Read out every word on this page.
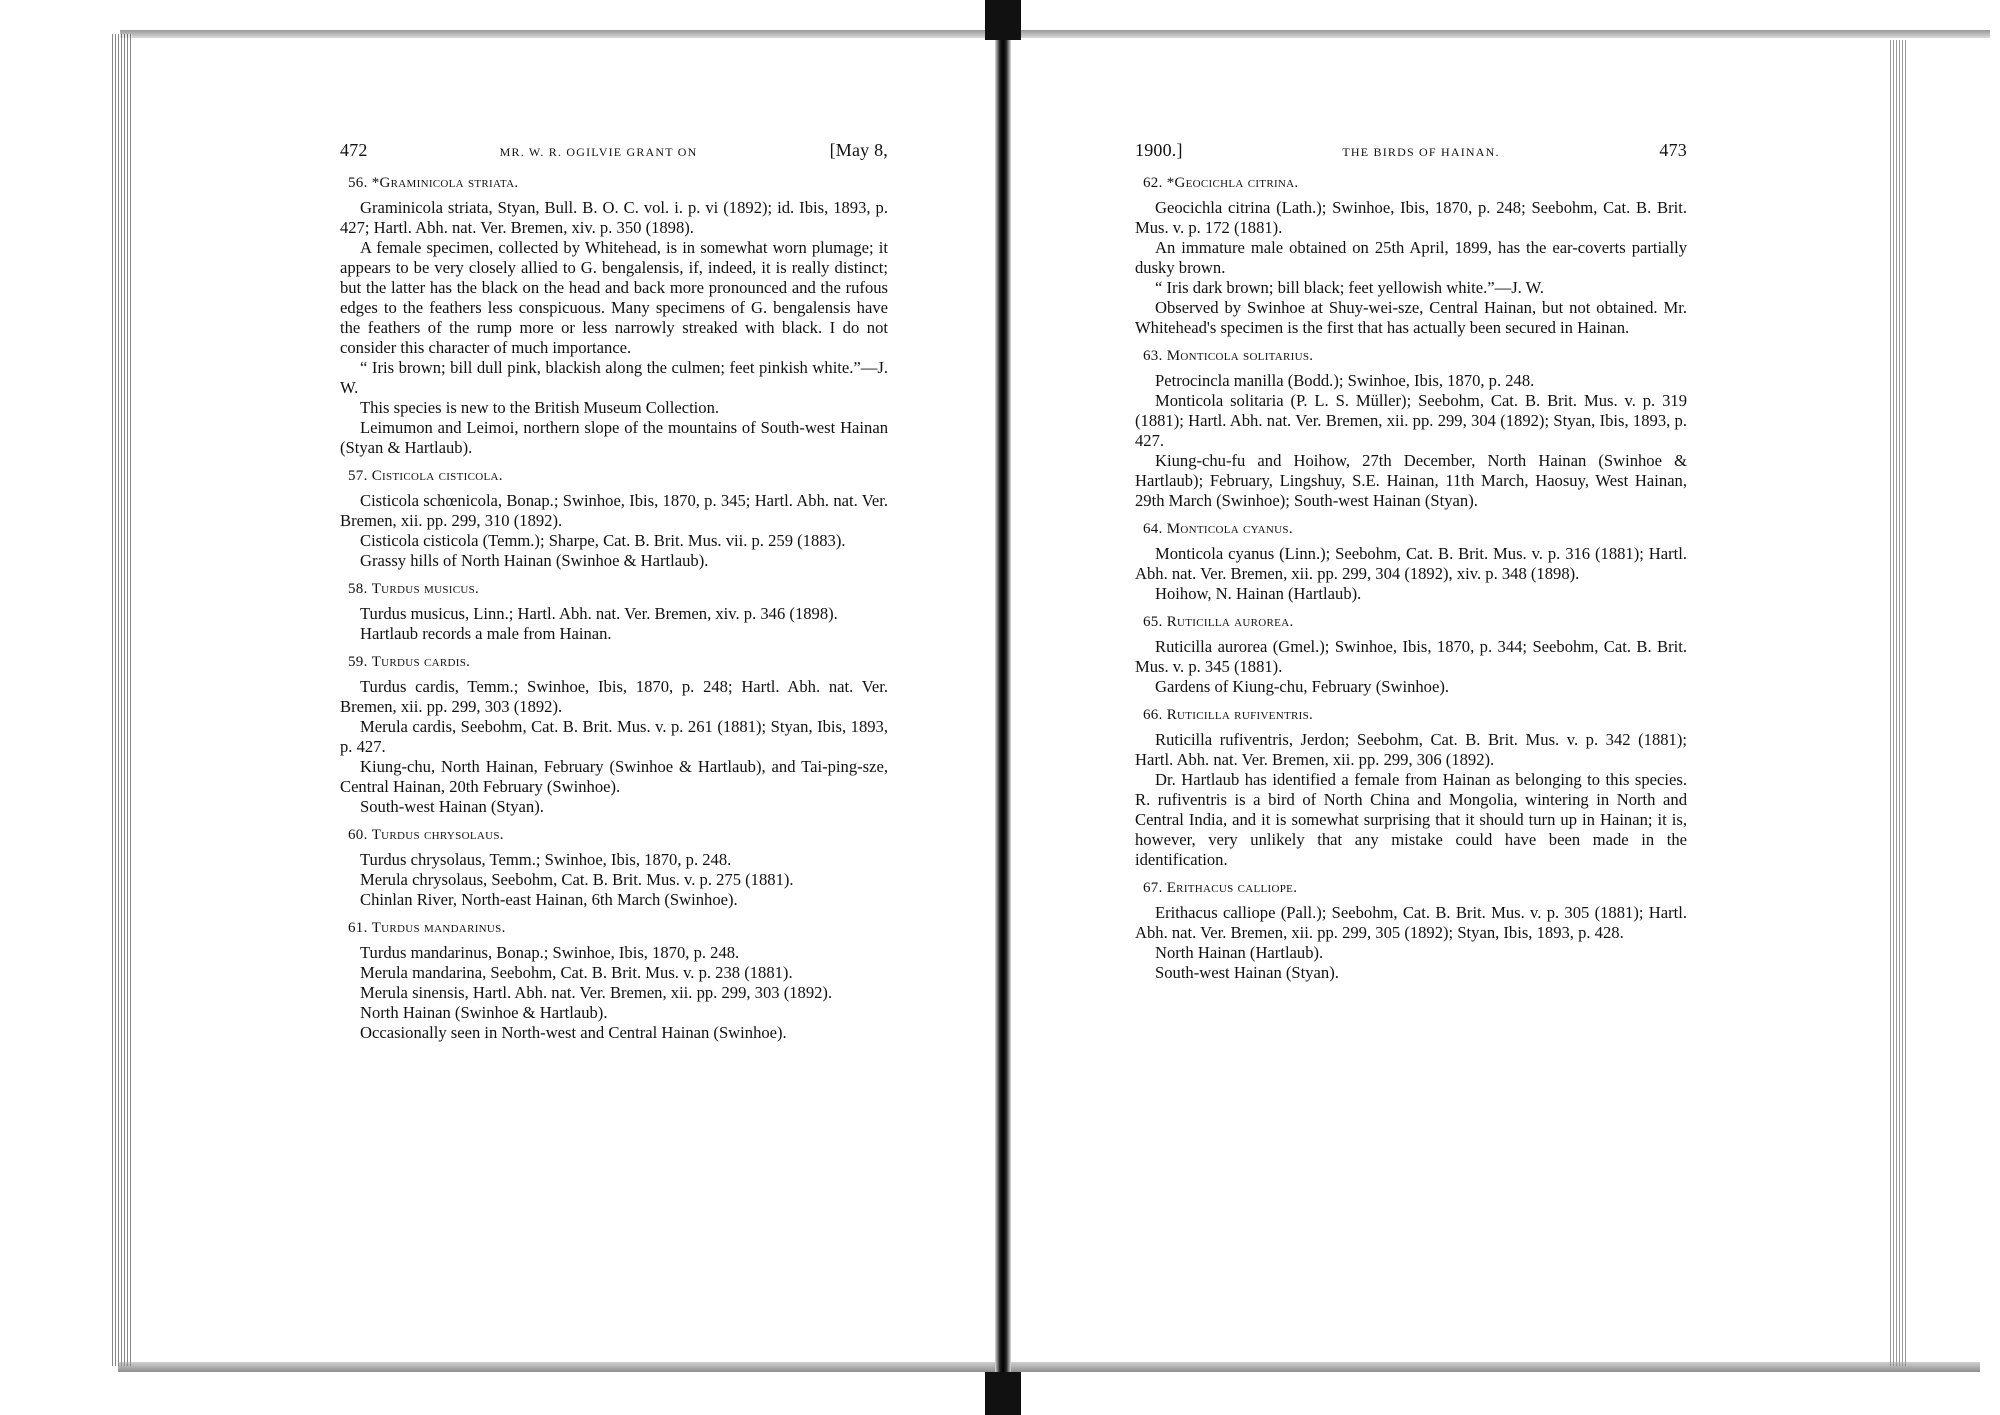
472	MR. W. R. OGILVIE GRANT ON	[May 8,
56. *Graminicola striata.

Graminicola striata, Styan, Bull. B. O. C. vol. i. p. vi (1892); id. Ibis, 1893, p. 427; Hartl. Abh. nat. Ver. Bremen, xiv. p. 350 (1898).

A female specimen, collected by Whitehead, is in somewhat worn plumage; it appears to be very closely allied to G. bengalensis, if, indeed, it is really distinct; but the latter has the black on the head and back more pronounced and the rufous edges to the feathers less conspicuous. Many specimens of G. bengalensis have the feathers of the rump more or less narrowly streaked with black. I do not consider this character of much importance.

“ Iris brown; bill dull pink, blackish along the culmen; feet pinkish white.”—J. W.

This species is new to the British Museum Collection.

Leimumon and Leimoi, northern slope of the mountains of South-west Hainan (Styan & Hartlaub).

57. Cisticola cisticola.

Cisticola schœnicola, Bonap.; Swinhoe, Ibis, 1870, p. 345; Hartl. Abh. nat. Ver. Bremen, xii. pp. 299, 310 (1892).

Cisticola cisticola (Temm.); Sharpe, Cat. B. Brit. Mus. vii. p. 259 (1883).

Grassy hills of North Hainan (Swinhoe & Hartlaub).

58. Turdus musicus.

Turdus musicus, Linn.; Hartl. Abh. nat. Ver. Bremen, xiv. p. 346 (1898).

Hartlaub records a male from Hainan.

59. Turdus cardis.

Turdus cardis, Temm.; Swinhoe, Ibis, 1870, p. 248; Hartl. Abh. nat. Ver. Bremen, xii. pp. 299, 303 (1892).

Merula cardis, Seebohm, Cat. B. Brit. Mus. v. p. 261 (1881); Styan, Ibis, 1893, p. 427.

Kiung-chu, North Hainan, February (Swinhoe & Hartlaub), and Tai-ping-sze, Central Hainan, 20th February (Swinhoe).

South-west Hainan (Styan).

60. Turdus chrysolaus.

Turdus chrysolaus, Temm.; Swinhoe, Ibis, 1870, p. 248.

Merula chrysolaus, Seebohm, Cat. B. Brit. Mus. v. p. 275 (1881).

Chinlan River, North-east Hainan, 6th March (Swinhoe).

61. Turdus mandarinus.

Turdus mandarinus, Bonap.; Swinhoe, Ibis, 1870, p. 248.

Merula mandarina, Seebohm, Cat. B. Brit. Mus. v. p. 238 (1881).

Merula sinensis, Hartl. Abh. nat. Ver. Bremen, xii. pp. 299, 303 (1892).

North Hainan (Swinhoe & Hartlaub).

Occasionally seen in North-west and Central Hainan (Swinhoe).

1900.]	THE BIRDS OF HAINAN.	473
62. *Geocichla citrina.

Geocichla citrina (Lath.); Swinhoe, Ibis, 1870, p. 248; Seebohm, Cat. B. Brit. Mus. v. p. 172 (1881).

An immature male obtained on 25th April, 1899, has the ear-coverts partially dusky brown.

“ Iris dark brown; bill black; feet yellowish white.”—J. W.

Observed by Swinhoe at Shuy-wei-sze, Central Hainan, but not obtained. Mr. Whitehead's specimen is the first that has actually been secured in Hainan.

63. Monticola solitarius.

Petrocincla manilla (Bodd.); Swinhoe, Ibis, 1870, p. 248.

Monticola solitaria (P. L. S. Müller); Seebohm, Cat. B. Brit. Mus. v. p. 319 (1881); Hartl. Abh. nat. Ver. Bremen, xii. pp. 299, 304 (1892); Styan, Ibis, 1893, p. 427.

Kiung-chu-fu and Hoihow, 27th December, North Hainan (Swinhoe & Hartlaub); February, Lingshuy, S.E. Hainan, 11th March, Haosuy, West Hainan, 29th March (Swinhoe); South-west Hainan (Styan).

64. Monticola cyanus.

Monticola cyanus (Linn.); Seebohm, Cat. B. Brit. Mus. v. p. 316 (1881); Hartl. Abh. nat. Ver. Bremen, xii. pp. 299, 304 (1892), xiv. p. 348 (1898).

Hoihow, N. Hainan (Hartlaub).

65. Ruticilla aurorea.

Ruticilla aurorea (Gmel.); Swinhoe, Ibis, 1870, p. 344; Seebohm, Cat. B. Brit. Mus. v. p. 345 (1881).

Gardens of Kiung-chu, February (Swinhoe).

66. Ruticilla rufiventris.

Ruticilla rufiventris, Jerdon; Seebohm, Cat. B. Brit. Mus. v. p. 342 (1881); Hartl. Abh. nat. Ver. Bremen, xii. pp. 299, 306 (1892).

Dr. Hartlaub has identified a female from Hainan as belonging to this species. R. rufiventris is a bird of North China and Mongolia, wintering in North and Central India, and it is somewhat surprising that it should turn up in Hainan; it is, however, very unlikely that any mistake could have been made in the identification.

67. Erithacus calliope.

Erithacus calliope (Pall.); Seebohm, Cat. B. Brit. Mus. v. p. 305 (1881); Hartl. Abh. nat. Ver. Bremen, xii. pp. 299, 305 (1892); Styan, Ibis, 1893, p. 428.

North Hainan (Hartlaub).

South-west Hainan (Styan).
